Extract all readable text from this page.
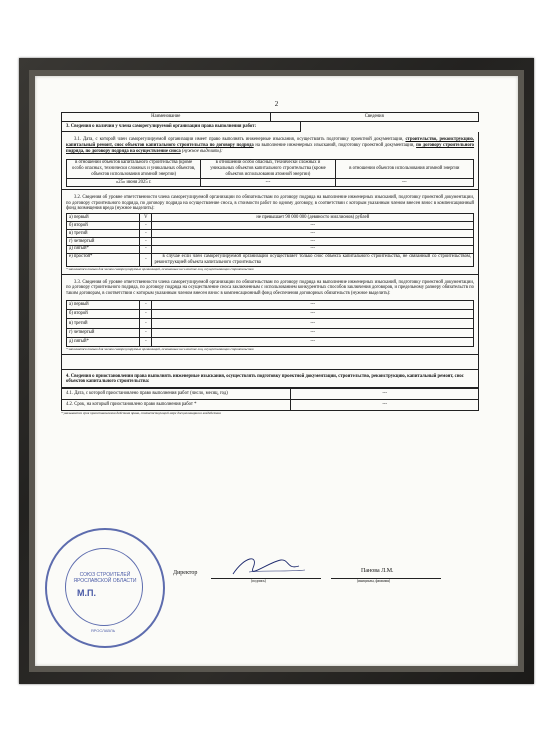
2
Наименование	Сведения
3. Сведения о наличии у члена саморегулируемой организации права выполнения работ:
3.1. Дата, с которой член саморегулируемой организации имеет право выполнять инженерные изыскания, осуществлять подготовку проектной документации, строительство, реконструкцию, капитальный ремонт, снос объектов капитального строительства по договору подряда на выполнение инженерных изысканий, подготовку проектной документации, по договору строительного подряда, по договору подряда на осуществление сноса (нужное выделить):
в отношении объектов капитального строительства (кроме особо опасных, технически сложных и уникальных объектов, объектов использования атомной энергии)	в отношении особо опасных, технически сложных и уникальных объектов капитального строительства (кроме объектов использования атомной энергии)	в отношении объектов использования атомной энергии
«25» июня 2025 г.	---	---
3.2. Сведения об уровне ответственности члена саморегулируемой организации по обязательствам по договору подряда на выполнение инженерных изысканий, подготовку проектной документации, по договору строительного подряда, по договору подряда на осуществление сноса, в стоимости работ по одному договору, в соответствии с которым указанным членом внесен взнос в компенсационный фонд возмещения вреда (нужное выделить):
а) первый	V	не превышает 90 000 000 (девяносто миллионов) рублей
б) второй	-	---
в) третий	-	---
г) четвертый	-	---
д) пятый*	-	---
е) простой*	-	в случае если член саморегулируемой организации осуществляет только снос объекта капитального строительства, не связанный со строительством, реконструкцией объекта капитального строительства
* заполняется только для членов саморегулируемых организаций, основанных на членстве лиц, осуществляющих строительство
3.3. Сведения об уровне ответственности члена саморегулируемой организации по обязательствам по договору подряда на выполнение инженерных изысканий, подготовку проектной документации, по договору строительного подряда, по договору подряда на осуществление сноса заключенным с использованием конкурентных способов заключения договоров, и предельному размеру обязательств по таким договорам, в соответствии с которым указанным членом внесен взнос в компенсационный фонд обеспечения договорных обязательств (нужное выделить):
а) первый	-	---
б) второй	-	---
в) третий	-	---
г) четвертый	-	---
д) пятый*	-	---
* заполняется только для членов саморегулируемых организаций, основанных на членстве лиц, осуществляющих строительство
4. Сведения о приостановлении права выполнять инженерные изыскания, осуществлять подготовку проектной документации, строительство, реконструкцию, капитальный ремонт, снос объектов капитального строительства:
4.1. Дата, с которой приостановлено право выполнения работ (число, месяц, год)	---
4.2. Срок, на который приостановлено право выполнения работ *	---
* указывается срок приостановления действия права, соответствующий мере дисциплинарного воздействия
Директор
(подпись)
Панова Л.М.
(инициалы, фамилия)
СОЮЗ СТРОИТЕЛЕЙ ЯРОСЛАВСКОЙ ОБЛАСТИ
ЯРОСЛАВЛЬ
М.П.
